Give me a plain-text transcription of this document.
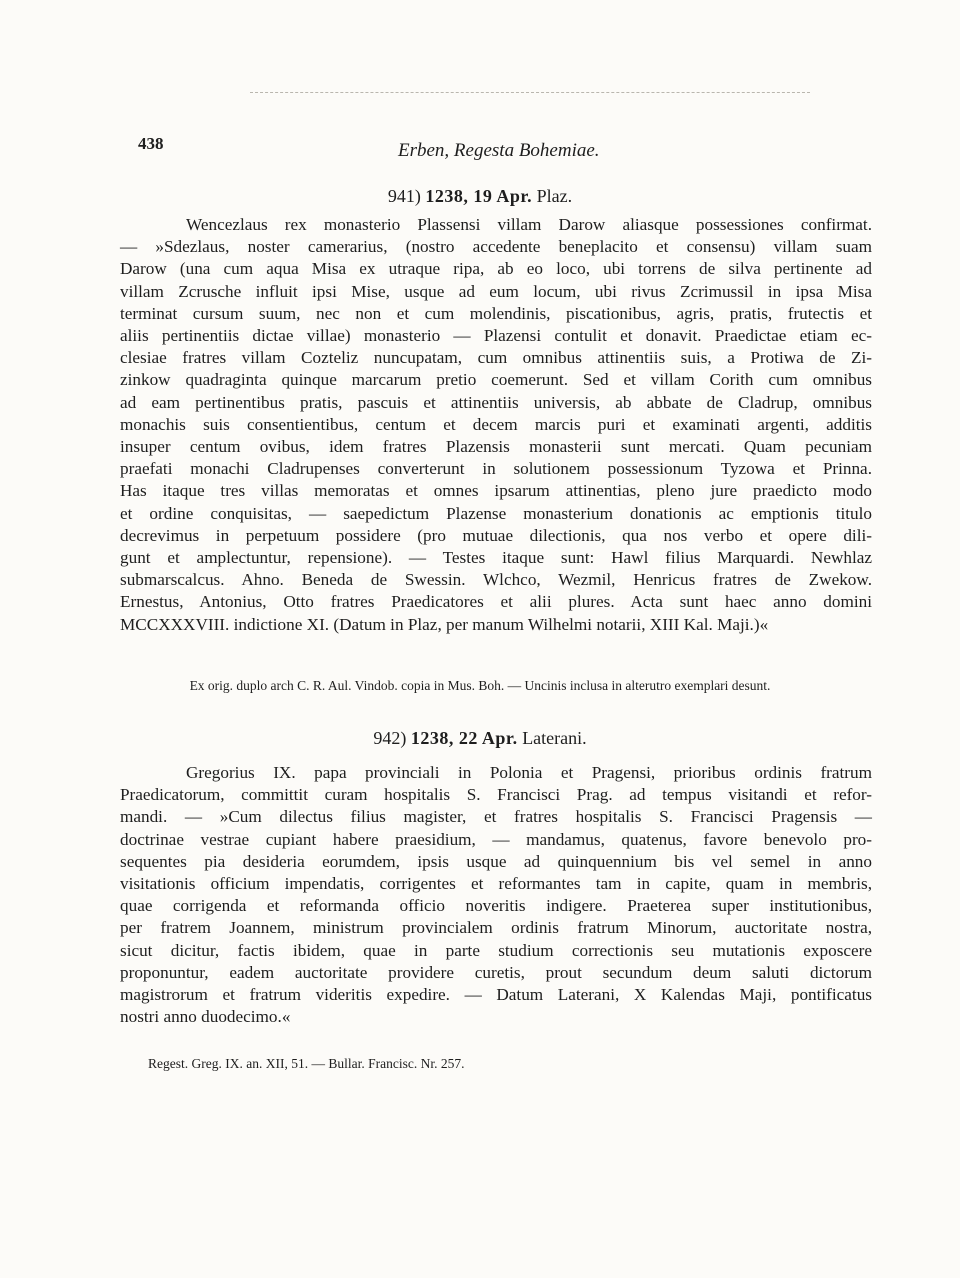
438	Erben, Regesta Bohemiae.
941) 1238, 19 Apr. Plaz.
Wencezlaus rex monasterio Plassensi villam Darow aliasque possessiones confirmat.
— »Sdezlaus, noster camerarius, (nostro accedente beneplacito et consensu) villam suam
Darow (una cum aqua Misa ex utraque ripa, ab eo loco, ubi torrens de silva pertinente ad
villam Zcrusche influit ipsi Mise, usque ad eum locum, ubi rivus Zcrimussil in ipsa Misa
terminat cursum suum, nec non et cum molendinis, piscationibus, agris, pratis, frutectis et
aliis pertinentiis dictae villae) monasterio — Plazensi contulit et donavit. Praedictae etiam ec-
clesiae fratres villam Cozteliz nuncupatam, cum omnibus attinentiis suis, a Protiwa de Zi-
zinkow quadraginta quinque marcarum pretio coemerunt. Sed et villam Corith cum omnibus
ad eam pertinentibus pratis, pascuis et attinentiis universis, ab abbate de Cladrup, omnibus
monachis suis consentientibus, centum et decem marcis puri et examinati argenti, additis
insuper centum ovibus, idem fratres Plazensis monasterii sunt mercati. Quam pecuniam
praefati monachi Cladrupenses converterunt in solutionem possessionum Tyzowa et Prinna.
Has itaque tres villas memoratas et omnes ipsarum attinentias, pleno jure praedicto modo
et ordine conquisitas, — saepedictum Plazense monasterium donationis ac emptionis titulo
decrevimus in perpetuum possidere (pro mutuae dilectionis, qua nos verbo et opere dili-
gunt et amplectuntur, repensione). — Testes itaque sunt: Hawl filius Marquardi. Newhlaz
submarscalcus. Ahno. Beneda de Swessin. Wlchco, Wezmil, Henricus fratres de Zwekow.
Ernestus, Antonius, Otto fratres Praedicatores et alii plures. Acta sunt haec anno domini
MCCXXXVIII. indictione XI. (Datum in Plaz, per manum Wilhelmi notarii, XIII Kal. Maji.)«
Ex orig. duplo arch C. R. Aul. Vindob. copia in Mus. Boh. — Uncinis inclusa in alterutro exemplari desunt.
942) 1238, 22 Apr. Laterani.
Gregorius IX. papa provinciali in Polonia et Pragensi, prioribus ordinis fratrum
Praedicatorum, committit curam hospitalis S. Francisci Prag. ad tempus visitandi et refor-
mandi. — »Cum dilectus filius magister, et fratres hospitalis S. Francisci Pragensis —
doctrinae vestrae cupiant habere praesidium, — mandamus, quatenus, favore benevolo pro-
sequentes pia desideria eorumdem, ipsis usque ad quinquennium bis vel semel in anno
visitationis officium impendatis, corrigentes et reformantes tam in capite, quam in membris,
quae corrigenda et reformanda officio noveritis indigere. Praeterea super institutionibus,
per fratrem Joannem, ministrum provincialem ordinis fratrum Minorum, auctoritate nostra,
sicut dicitur, factis ibidem, quae in parte studium correctionis seu mutationis exposcere
proponuntur, eadem auctoritate providere curetis, prout secundum deum saluti dictorum
magistrorum et fratrum videritis expedire. — Datum Laterani, X Kalendas Maji, pontificatus
nostri anno duodecimo.«
Regest. Greg. IX. an. XII, 51. — Bullar. Francisc. Nr. 257.
